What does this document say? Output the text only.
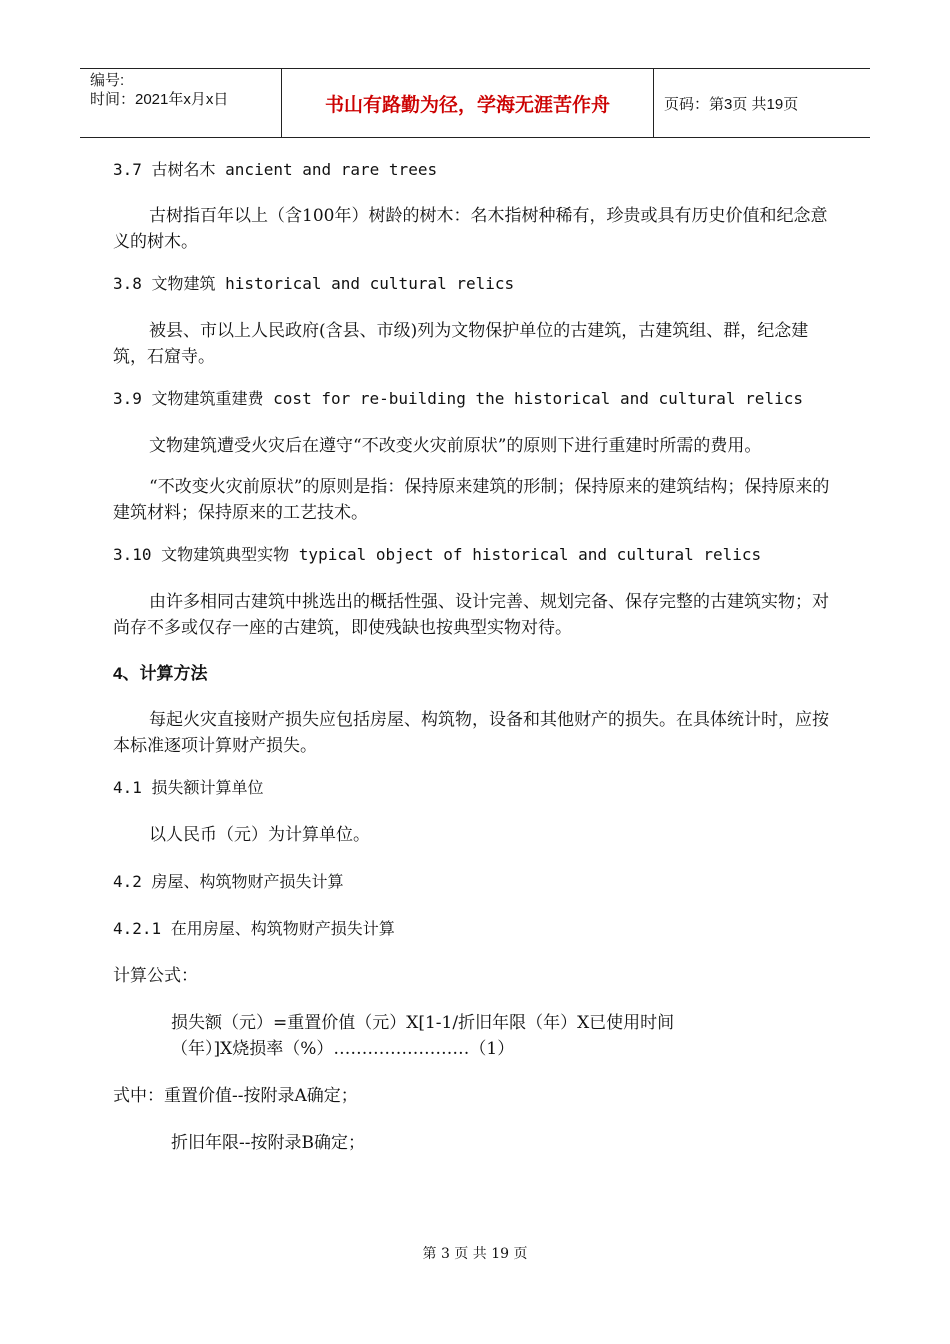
编号:
时间：2021年x月x日	书山有路勤为径，学海无涯苦作舟	页码：第3页 共19页

3.7 古树名木 ancient and rare trees

古树指百年以上（含100年）树龄的树木：名木指树种稀有，珍贵或具有历史价值和纪念意义的树木。

3.8 文物建筑 historical and cultural relics

被县、市以上人民政府(含县、市级)列为文物保护单位的古建筑，古建筑组、群，纪念建筑，石窟寺。

3.9 文物建筑重建费 cost for re-building the historical and cultural relics

文物建筑遭受火灾后在遵守“不改变火灾前原状”的原则下进行重建时所需的费用。

“不改变火灾前原状”的原则是指：保持原来建筑的形制；保持原来的建筑结构；保持原来的建筑材料；保持原来的工艺技术。

3.10 文物建筑典型实物 typical object of historical and cultural relics

由许多相同古建筑中挑选出的概括性强、设计完善、规划完备、保存完整的古建筑实物；对尚存不多或仅存一座的古建筑，即使残缺也按典型实物对待。

4、计算方法

每起火灾直接财产损失应包括房屋、构筑物，设备和其他财产的损失。在具体统计时，应按本标准逐项计算财产损失。

4.1 损失额计算单位

以人民币（元）为计算单位。

4.2 房屋、构筑物财产损失计算

4.2.1 在用房屋、构筑物财产损失计算

计算公式：

损失额（元）=重置价值（元）X[1-1/折旧年限（年）X已使用时间

（年）]X烧损率（%）……………………（1）

式中：重置价值--按附录A确定；

折旧年限--按附录B确定；

第 3 页 共 19 页
